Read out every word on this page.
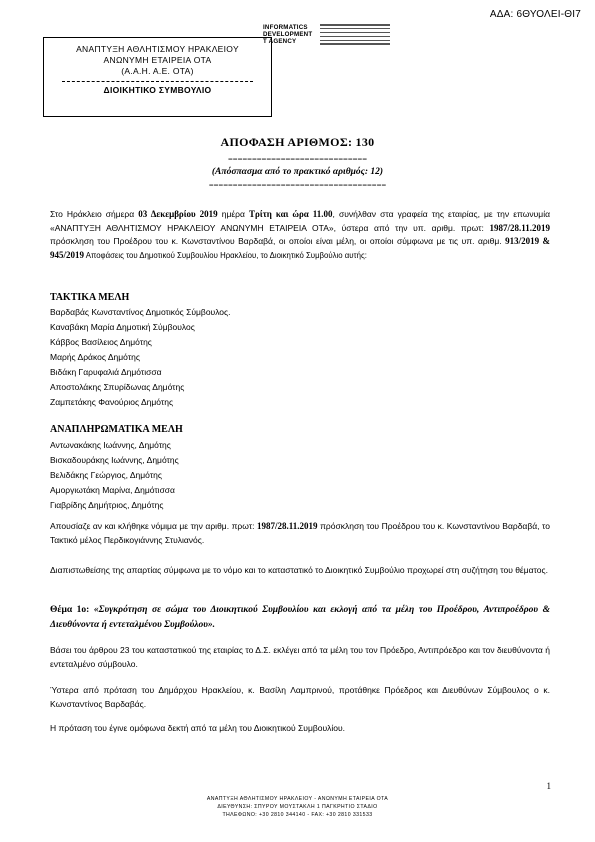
ΑΔΑ: 6ΘΥΟΛΕΙ-ΘΙ7
INFORMATICS
DEVELOPMENT
T AGENCY
ΑΝΑΠΤΥΞΗ ΑΘΛΗΤΙΣΜΟΥ ΗΡΑΚΛΕΙΟΥ
ΑΝΩΝΥΜΗ ΕΤΑΙΡΕΙΑ ΟΤΑ
(Α.Α.Η. Α.Ε. ΟΤΑ)
ΔΙΟΙΚΗΤΙΚΟ ΣΥΜΒΟΥΛΙΟ
ΑΠΟΦΑΣΗ ΑΡΙΘΜΟΣ: 130
=============================
(Απόσπασμα από το πρακτικό αριθμός: 12)
=====================================
Στο Ηράκλειο σήμερα 03 Δεκεμβρίου 2019 ημέρα Τρίτη και ώρα 11.00, συνήλθαν στα γραφεία της εταιρίας, με την επωνυμία «ΑΝΑΠΤΥΞΗ ΑΘΛΗΤΙΣΜΟΥ ΗΡΑΚΛΕΙΟΥ ΑΝΩΝΥΜΗ ΕΤΑΙΡΕΙΑ ΟΤΑ», ύστερα από την υπ. αριθμ. πρωτ: 1987/28.11.2019 πρόσκληση του Προέδρου του κ. Κωνσταντίνου Βαρδαβά, οι οποίοι είναι μέλη, οι οποίοι σύμφωνα με τις υπ. αριθμ. 913/2019 & 945/2019 Αποφάσεις του Δημοτικού Συμβουλίου Ηρακλείου, το Διοικητικό Συμβούλιο αυτής:
ΤΑΚΤΙΚΑ ΜΕΛΗ
Βαρδαβάς Κωνσταντίνος Δημοτικός Σύμβουλος.
Καναβάκη Μαρία Δημοτική Σύμβουλος
Κάββος Βασίλειος Δημότης
Μαρής Δράκος Δημότης
Βιδάκη Γαρυφαλιά Δημότισσα
Αποστολάκης Σπυρίδωνας Δημότης
Ζαμπετάκης Φανούριος Δημότης
ΑΝΑΠΛΗΡΩΜΑΤΙΚΑ ΜΕΛΗ
Αντωνακάκης Ιωάννης, Δημότης
Βισκαδουράκης Ιωάννης, Δημότης
Βελιδάκης Γεώργιος, Δημότης
Αμοργιωτάκη Μαρίνα, Δημότισσα
Γιαβρίδης Δημήτριος, Δημότης
Απουσίαζε αν και κλήθηκε νόμιμα με την αριθμ. πρωτ: 1987/28.11.2019 πρόσκληση του Προέδρου του κ. Κωνσταντίνου Βαρδαβά, το Τακτικό μέλος Περδικογιάννης Στυλιανός.
Διαπιστωθείσης της απαρτίας σύμφωνα με το νόμο και το καταστατικό το Διοικητικό Συμβούλιο προχωρεί στη συζήτηση του θέματος.
Θέμα 1ο: «Συγκρότηση σε σώμα του Διοικητικού Συμβουλίου και εκλογή από τα μέλη του Προέδρου, Αντιπροέδρου & Διευθύνοντα ή εντεταλμένου Συμβούλου».
Βάσει του άρθρου 23 του καταστατικού της εταιρίας το Δ.Σ. εκλέγει από τα μέλη του τον Πρόεδρο, Αντιπρόεδρο και τον διευθύνοντα ή εντεταλμένο σύμβουλο.
Ύστερα από πρόταση του Δημάρχου Ηρακλείου, κ. Βασίλη Λαμπρινού, προτάθηκε Πρόεδρος και Διευθύνων Σύμβουλος ο κ. Κωνσταντίνος Βαρδαβάς.
Η πρόταση του έγινε ομόφωνα δεκτή από τα μέλη του Διοικητικού Συμβουλίου.
1
ΑΝΑΠΤΥΞΗ ΑΘΛΗΤΙΣΜΟΥ ΗΡΑΚΛΕΙΟΥ - ΑΝΩΝΥΜΗ ΕΤΑΙΡΕΙΑ ΟΤΑ
ΔΙΕΥΘΥΝΣΗ: ΣΠΥΡΟΥ ΜΟΥΣΤΑΚΛΗ 1 ΠΑΓΚΡΗΤΙΟ ΣΤΑΔΙΟ
ΤΗΛΕΦΩΝΟ: +30 2810 344140 - FAX: +30 2810 331533
